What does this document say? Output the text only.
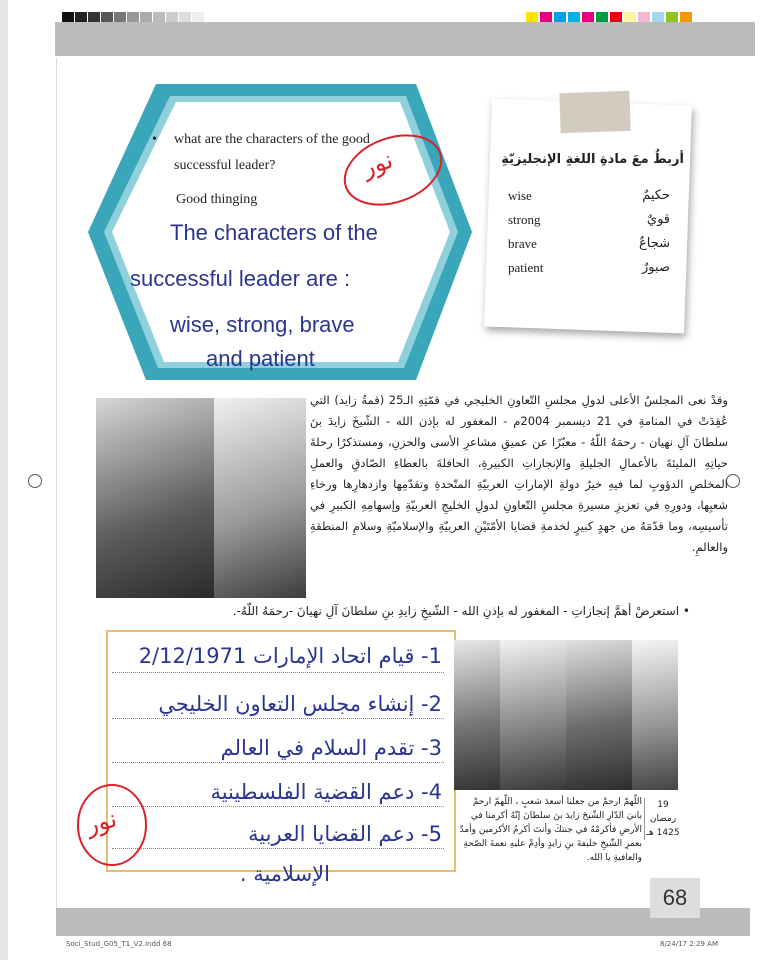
• what are the characters of the good
successful leader?
Good thinging
The characters of the
successful leader are :
wise, strong, brave
and patient
نور	أربطُ معَ مادةِ اللغةِ الإنجليزيّةِ
wise	حكيمٌ
strong	قويٌ
brave	شجاعٌ
patient	صبورٌ
وقدْ نعى المجلسُ الأعلى لدولِ مجلسِ التّعاونِ الخليجي في قمّتِهِ الـ25 (قمةُ زايد) التي عُقِدَتْ في المنامةِ في 21 ديسمبر 2004م - المغفور له بإذن الله - الشّيخَ زايدَ بنَ سلطانَ آلِ نهيان - رحمَهُ اللّهُ - معبّرًا عن عميقِ مشاعرِ الأسى والحزنِ، ومستذكرًا رحلةَ حياتِهِ المليئةَ بالأعمالِ الجليلةِ والإنجازاتِ الكبيرةِ، الحافلةَ بالعطاءِ الصّادقِ والعملِ المخلصِ الدؤوبِ لما فيهِ خيرُ دولةِ الإماراتِ العربيّةِ المتّحدةِ وتقدّمِها وازدهارِها ورخاءِ شعبِها، ودورِهِ في تعزيزِ مسيرةِ مجلسِ التّعاونِ لدولِ الخليجِ العربيّةِ وإسهامِهِ الكبيرِ في تأسيسِه، وما قدّمَهُ من جهدٍ كبيرٍ لخدمةِ قضايا الأمّتَيْنِ العربيّةِ والإسلاميّةِ وسلامِ المنطقةِ والعالمِ.
• استعرضْ أهمَّ إنجازاتِ - المغفور له بإذنِ الله - الشّيخِ زايدِ بنِ سلطانَ آلِ نهيانَ -رحمَهُ اللّهُ-.
1- قيام اتحاد الإمارات 2/12/1971
2- إنشاء مجلس التعاون الخليجي
3- تقدم السلام في العالم
4- دعم القضية الفلسطينية
5- دعم القضايا العربية
الإسلامية .
نور
اللّهمّ ارحمْ من جعلنا أسعدَ شعبٍ ، اللّهمّ ارحمْ بانيَ الدّارِ الشّيخَ زايدَ بنَ سلطانَ إنّهُ أكرمنا في الأرضِ فأكرمْهُ في جنتكَ وأنتَ أكرمُ الأكرمين وأمدّ بعمرِ الشّيخِ خليفةَ بنِ زايدٍ وأدِمْ عليهِ نعمةَ الصّحةِ والعافيةِ يا الله.
19
رمضان
1425 هـ
68
Soci_Stud_G05_T1_V2.indd 68	8/24/17 2:29 AM
